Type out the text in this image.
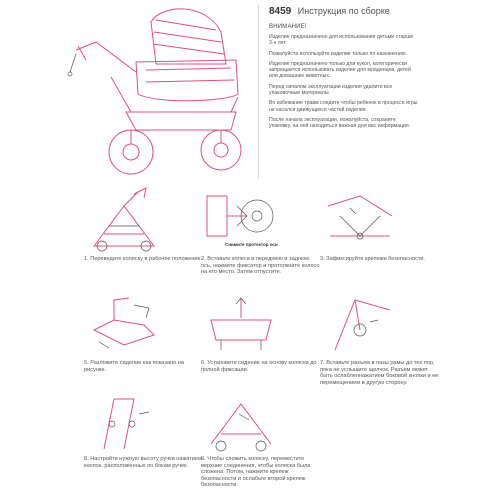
8459 Инструкция по сборке
ВНИМАНИЕ!

Изделие предназначено для использования детьми старше 3-х лет.

Пожалуйста используйте изделие только по назначению.

Изделие предназначено только для кукол, категорически запрещается использовать изделие для младенцев, детей или домашних животных.

Перед началом эксплуатации изделия удалите все упаковочные материалы.

Во избежание травм следите чтобы ребенок в процессе игры не касался движущихся частей изделия.

После начала эксплуатации, пожалуйста, сохраните упаковку, на ней находиться важная для вас информация.

1. Переведите коляску в рабочее положение.
Снимите протектор оси
2. Вставьте колеса в переднюю и заднюю ось, нажмите фиксатор и протолкните колесо на его место. Затем отпустите.
3. Зафиксируйте крепежи безопасности.
5. Разложите сидение как показано на рисунке.
6. Установите сидение на основу коляски до полной фиксации.
7. Вставьте разъем в пазы рамы до тех пор, пока не услышите щелчок. Разъем может быть ослабленнажатием боковой кнопки и ее перемещением в другую сторону.
8. Настройте нужную высоту ручки нажатием кнопок, расположенных по бокам ручек.
9. Чтобы сложить коляску, переместите верхние соединения, чтобы коляска была сложена. Потом, нажмите крепеж безопасности и ослабьте второй крепеж безопасности.
